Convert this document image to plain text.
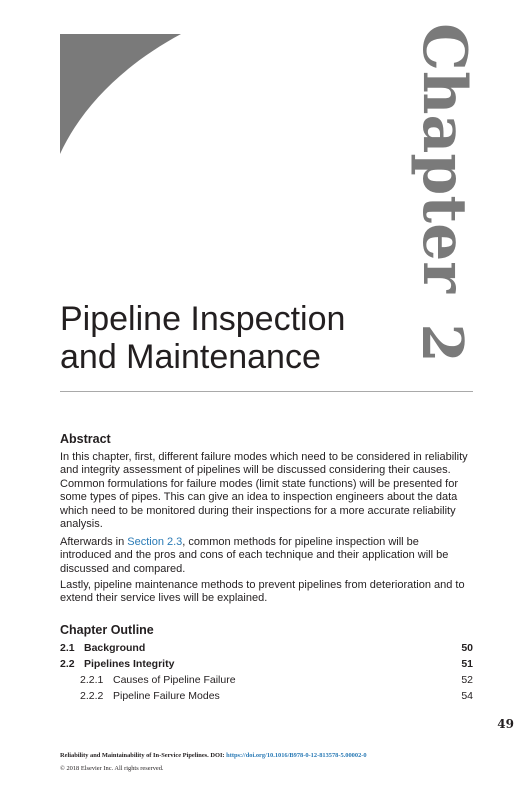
Chapter
2
Pipeline Inspection
and Maintenance
Abstract

In this chapter, first, different failure modes which need to be considered in reliability and integrity assessment of pipelines will be discussed considering their causes. Common formulations for failure modes (limit state functions) will be presented for some types of pipes. This can give an idea to inspection engineers about the data which need to be monitored during their inspections for a more accurate reliability analysis.

Afterwards in Section 2.3, common methods for pipeline inspection will be introduced and the pros and cons of each technique and their application will be discussed and compared.

Lastly, pipeline maintenance methods to prevent pipelines from deterioration and to extend their service lives will be explained.

Chapter Outline
2.1 Background	50
2.2 Pipelines Integrity	51
2.2.1 Causes of Pipeline Failure	52
2.2.2 Pipeline Failure Modes	54
49
Reliability and Maintainability of In-Service Pipelines. DOI: https://doi.org/10.1016/B978-0-12-813578-5.00002-0
© 2018 Elsevier Inc. All rights reserved.
